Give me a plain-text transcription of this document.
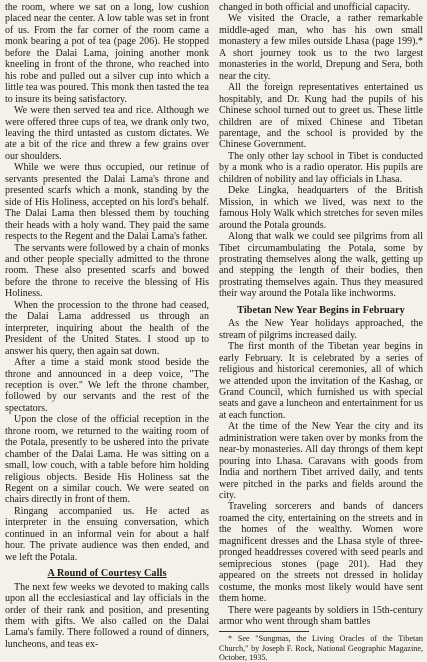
the room, where we sat on a long, low cushion placed near the center. A low table was set in front of us. From the far corner of the room came a monk bearing a pot of tea (page 206). He stopped before the Dalai Lama, joining another monk kneeling in front of the throne, who reached into his robe and pulled out a silver cup into which a little tea was poured. This monk then tasted the tea to insure its being satisfactory.

We were then served tea and rice. Although we were offered three cups of tea, we drank only two, leaving the third untasted as custom dictates. We ate a bit of the rice and threw a few grains over our shoulders.

While we were thus occupied, our retinue of servants presented the Dalai Lama's throne and presented scarfs which a monk, standing by the side of His Holiness, accepted on his lord's behalf. The Dalai Lama then blessed them by touching their heads with a holy wand. They paid the same respects to the Regent and the Dalai Lama's father.

The servants were followed by a chain of monks and other people specially admitted to the throne room. These also presented scarfs and bowed before the throne to receive the blessing of His Holiness.

When the procession to the throne had ceased, the Dalai Lama addressed us through an interpreter, inquiring about the health of the President of the United States. I stood up to answer his query, then again sat down.

After a time a staid monk stood beside the throne and announced in a deep voice, "The reception is over." We left the throne chamber, followed by our servants and the rest of the spectators.

Upon the close of the official reception in the throne room, we returned to the waiting room of the Potala, presently to be ushered into the private chamber of the Dalai Lama. He was sitting on a small, low couch, with a table before him holding religious objects. Beside His Holiness sat the Regent on a similar couch. We were seated on chairs directly in front of them.

Ringang accompanied us. He acted as interpreter in the ensuing conversation, which continued in an informal vein for about a half hour. The private audience was then ended, and we left the Potala.

A Round of Courtesy Calls

The next few weeks we devoted to making calls upon all the ecclesiastical and lay officials in the order of their rank and position, and presenting them with gifts. We also called on the Dalai Lama's family. There followed a round of dinners, luncheons, and teas ex-

changed in both official and unofficial capacity.

We visited the Oracle, a rather remarkable middle-aged man, who has his own small monastery a few miles outside Lhasa (page 199).* A short journey took us to the two largest monasteries in the world, Drepung and Sera, both near the city.

All the foreign representatives entertained us hospitably, and Dr. Kung had the pupils of his Chinese school turned out to greet us. These little children are of mixed Chinese and Tibetan parentage, and the school is provided by the Chinese Government.

The only other lay school in Tibet is conducted by a monk who is a radio operator. His pupils are children of nobility and lay officials in Lhasa.

Deke Lingka, headquarters of the British Mission, in which we lived, was next to the famous Holy Walk which stretches for seven miles around the Potala grounds.

Along that walk we could see pilgrims from all Tibet circumambulating the Potala, some by prostrating themselves along the walk, getting up and stepping the length of their bodies, then prostrating themselves again. Thus they measured their way around the Potala like inchworms.

Tibetan New Year Begins in February

As the New Year holidays approached, the stream of pilgrims increased daily.

The first month of the Tibetan year begins in early February. It is celebrated by a series of religious and historical ceremonies, all of which we attended upon the invitation of the Kashag, or Grand Council, which furnished us with special seats and gave a luncheon and entertainment for us at each function.

At the time of the New Year the city and its administration were taken over by monks from the near-by monasteries. All day throngs of them kept pouring into Lhasa. Caravans with goods from India and northern Tibet arrived daily, and tents were pitched in the parks and fields around the city.

Traveling sorcerers and bands of dancers roamed the city, entertaining on the streets and in the homes of the wealthy. Women wore magnificent dresses and the Lhasa style of three-pronged headdresses covered with seed pearls and semiprecious stones (page 201). Had they appeared on the streets not dressed in holiday costume, the monks most likely would have sent them home.

There were pageants by soldiers in 15th-century armor who went through sham battles

* See "Sungmas, the Living Oracles of the Tibetan Church," by Joseph F. Rock, National Geographic Magazine, October, 1935.
